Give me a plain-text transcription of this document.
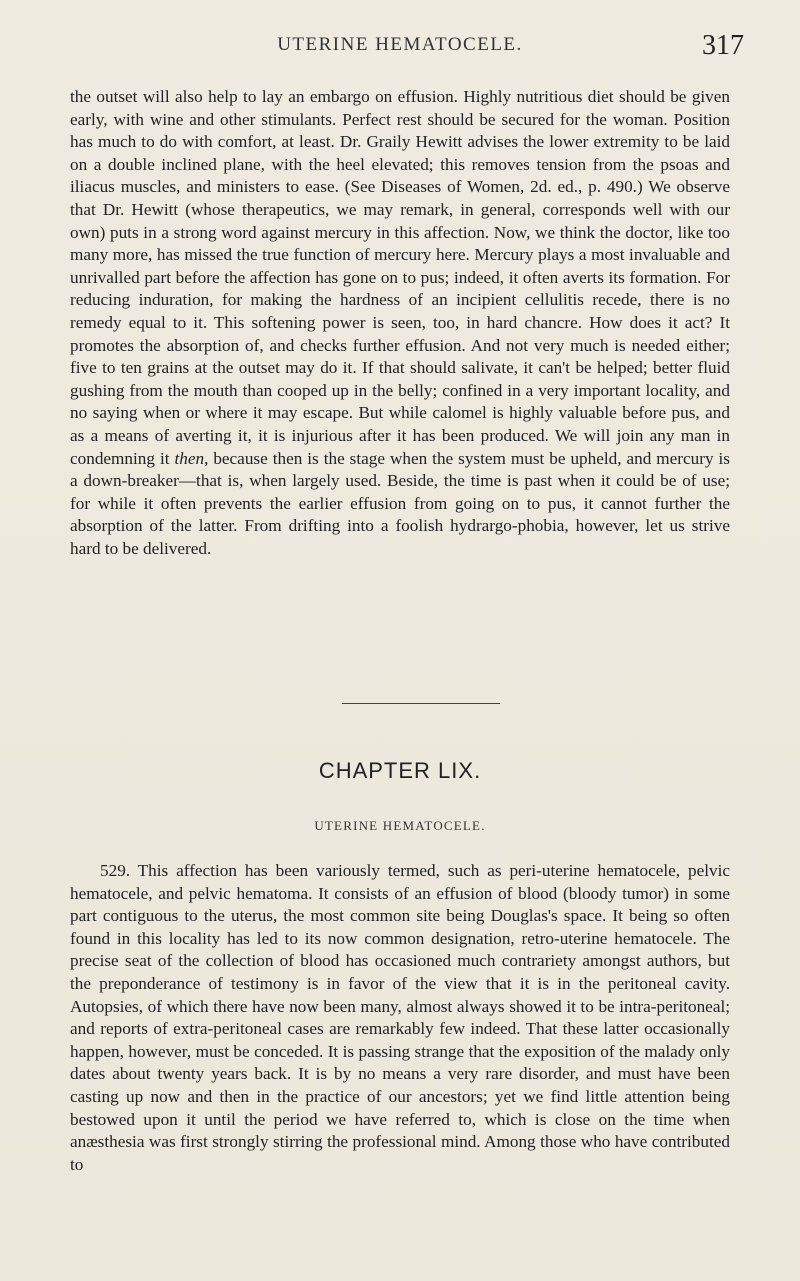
UTERINE HEMATOCELE.	317

the outset will also help to lay an embargo on effusion. Highly nutritious diet should be given early, with wine and other stimulants. Perfect rest should be secured for the woman. Position has much to do with comfort, at least. Dr. Graily Hewitt advises the lower extremity to be laid on a double inclined plane, with the heel elevated; this removes tension from the psoas and iliacus muscles, and ministers to ease. (See Diseases of Women, 2d. ed., p. 490.) We observe that Dr. Hewitt (whose therapeutics, we may remark, in general, corresponds well with our own) puts in a strong word against mercury in this affection. Now, we think the doctor, like too many more, has missed the true function of mercury here. Mercury plays a most invaluable and unrivalled part before the affection has gone on to pus; indeed, it often averts its formation. For reducing induration, for making the hardness of an incipient cellulitis recede, there is no remedy equal to it. This softening power is seen, too, in hard chancre. How does it act? It promotes the absorption of, and checks further effusion. And not very much is needed either; five to ten grains at the outset may do it. If that should salivate, it can't be helped; better fluid gushing from the mouth than cooped up in the belly; confined in a very important locality, and no saying when or where it may escape. But while calomel is highly valuable before pus, and as a means of averting it, it is injurious after it has been produced. We will join any man in condemning it then, because then is the stage when the system must be upheld, and mercury is a down-breaker—that is, when largely used. Beside, the time is past when it could be of use; for while it often prevents the earlier effusion from going on to pus, it cannot further the absorption of the latter. From drifting into a foolish hydrargo-phobia, however, let us strive hard to be delivered.

CHAPTER LIX.
UTERINE HEMATOCELE.

529. This affection has been variously termed, such as peri-uterine hematocele, pelvic hematocele, and pelvic hematoma. It consists of an effusion of blood (bloody tumor) in some part contiguous to the uterus, the most common site being Douglas's space. It being so often found in this locality has led to its now common designation, retro-uterine hematocele. The precise seat of the collection of blood has occasioned much contrariety amongst authors, but the preponderance of testimony is in favor of the view that it is in the peritoneal cavity. Autopsies, of which there have now been many, almost always showed it to be intra-peritoneal; and reports of extra-peritoneal cases are remarkably few indeed. That these latter occasionally happen, however, must be conceded. It is passing strange that the exposition of the malady only dates about twenty years back. It is by no means a very rare disorder, and must have been casting up now and then in the practice of our ancestors; yet we find little attention being bestowed upon it until the period we have referred to, which is close on the time when anæsthesia was first strongly stirring the professional mind. Among those who have contributed to
